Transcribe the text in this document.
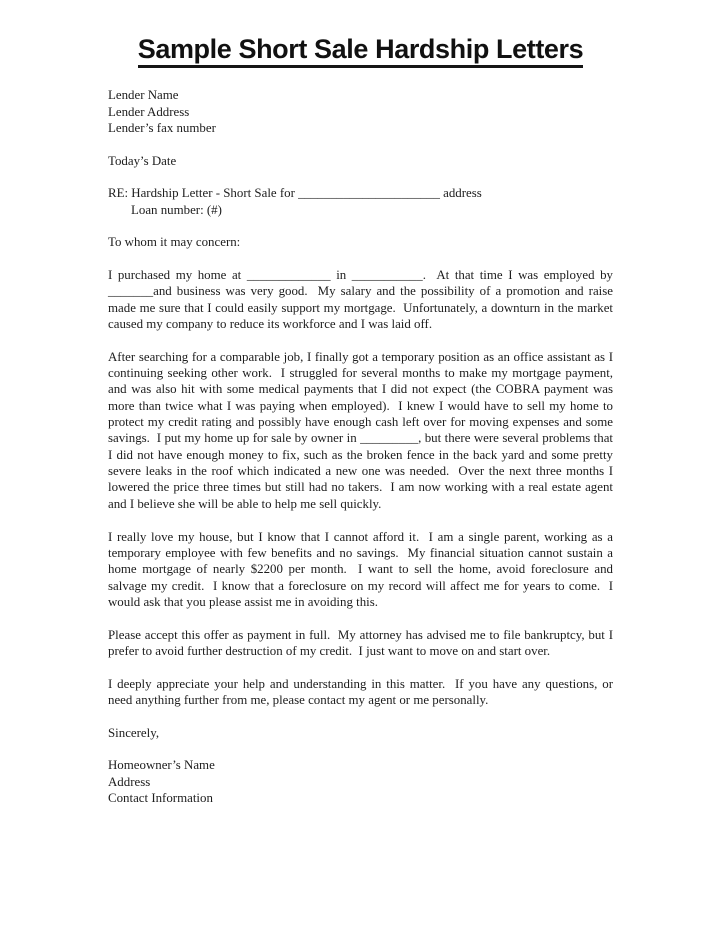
Sample Short Sale Hardship Letters
Lender Name
Lender Address
Lender’s fax number
Today’s Date
RE: Hardship Letter - Short Sale for ______________________ address
Loan number: (#)
To whom it may concern:

I purchased my home at _____________ in ___________.  At that time I was employed by _______and business was very good.  My salary and the possibility of a promotion and raise made me sure that I could easily support my mortgage.  Unfortunately, a downturn in the market caused my company to reduce its workforce and I was laid off.

After searching for a comparable job, I finally got a temporary position as an office assistant as I continuing seeking other work.  I struggled for several months to make my mortgage payment, and was also hit with some medical payments that I did not expect (the COBRA payment was more than twice what I was paying when employed).  I knew I would have to sell my home to protect my credit rating and possibly have enough cash left over for moving expenses and some savings.  I put my home up for sale by owner in _________, but there were several problems that I did not have enough money to fix, such as the broken fence in the back yard and some pretty severe leaks in the roof which indicated a new one was needed.  Over the next three months I lowered the price three times but still had no takers.  I am now working with a real estate agent and I believe she will be able to help me sell quickly.

I really love my house, but I know that I cannot afford it.  I am a single parent, working as a temporary employee with few benefits and no savings.  My financial situation cannot sustain a home mortgage of nearly $2200 per month.  I want to sell the home, avoid foreclosure and salvage my credit.  I know that a foreclosure on my record will affect me for years to come.  I would ask that you please assist me in avoiding this.

Please accept this offer as payment in full.  My attorney has advised me to file bankruptcy, but I prefer to avoid further destruction of my credit.  I just want to move on and start over.

I deeply appreciate your help and understanding in this matter.  If you have any questions, or need anything further from me, please contact my agent or me personally.

Sincerely,
Homeowner’s Name
Address
Contact Information
